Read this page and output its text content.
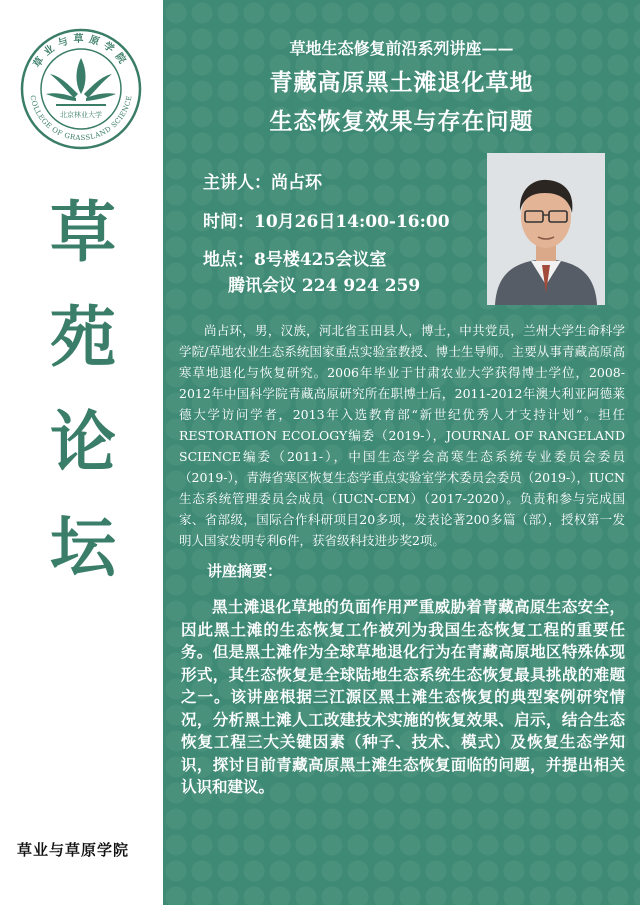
草业与草原学院
COLLEGE OF GRASSLAND SCIENCE
北京林业大学
草
苑
论
坛
草业与草原学院
草地生态修复前沿系列讲座——
青藏高原黑土滩退化草地
生态恢复效果与存在问题
主讲人：尚占环
时间：10月26日14:00-16:00
地点：8号楼425会议室
腾讯会议 224 924 259

尚占环，男，汉族，河北省玉田县人，博士，中共党员，兰州大学生命科学学院/草地农业生态系统国家重点实验室教授、博士生导师。主要从事青藏高原高寒草地退化与恢复研究。2006年毕业于甘肃农业大学获得博士学位，2008-2012年中国科学院青藏高原研究所在职博士后，2011-2012年澳大利亚阿德莱德大学访问学者，2013年入选教育部“新世纪优秀人才支持计划”。担任RESTORATION ECOLOGY编委（2019-），JOURNAL OF RANGELAND SCIENCE编委（2011-），中国生态学会高寒生态系统专业委员会委员（2019-），青海省寒区恢复生态学重点实验室学术委员会委员（2019-），IUCN生态系统管理委员会成员（IUCN-CEM）（2017-2020）。负责和参与完成国家、省部级，国际合作科研项目20多项，发表论著200多篇（部），授权第一发明人国家发明专利6件，获省级科技进步奖2项。

讲座摘要：

黑土滩退化草地的负面作用严重威胁着青藏高原生态安全，因此黑土滩的生态恢复工作被列为我国生态恢复工程的重要任务。但是黑土滩作为全球草地退化行为在青藏高原地区特殊体现形式，其生态恢复是全球陆地生态系统生态恢复最具挑战的难题之一。该讲座根据三江源区黑土滩生态恢复的典型案例研究情况，分析黑土滩人工改建技术实施的恢复效果、启示，结合生态恢复工程三大关键因素（种子、技术、模式）及恢复生态学知识，探讨目前青藏高原黑土滩生态恢复面临的问题，并提出相关认识和建议。
